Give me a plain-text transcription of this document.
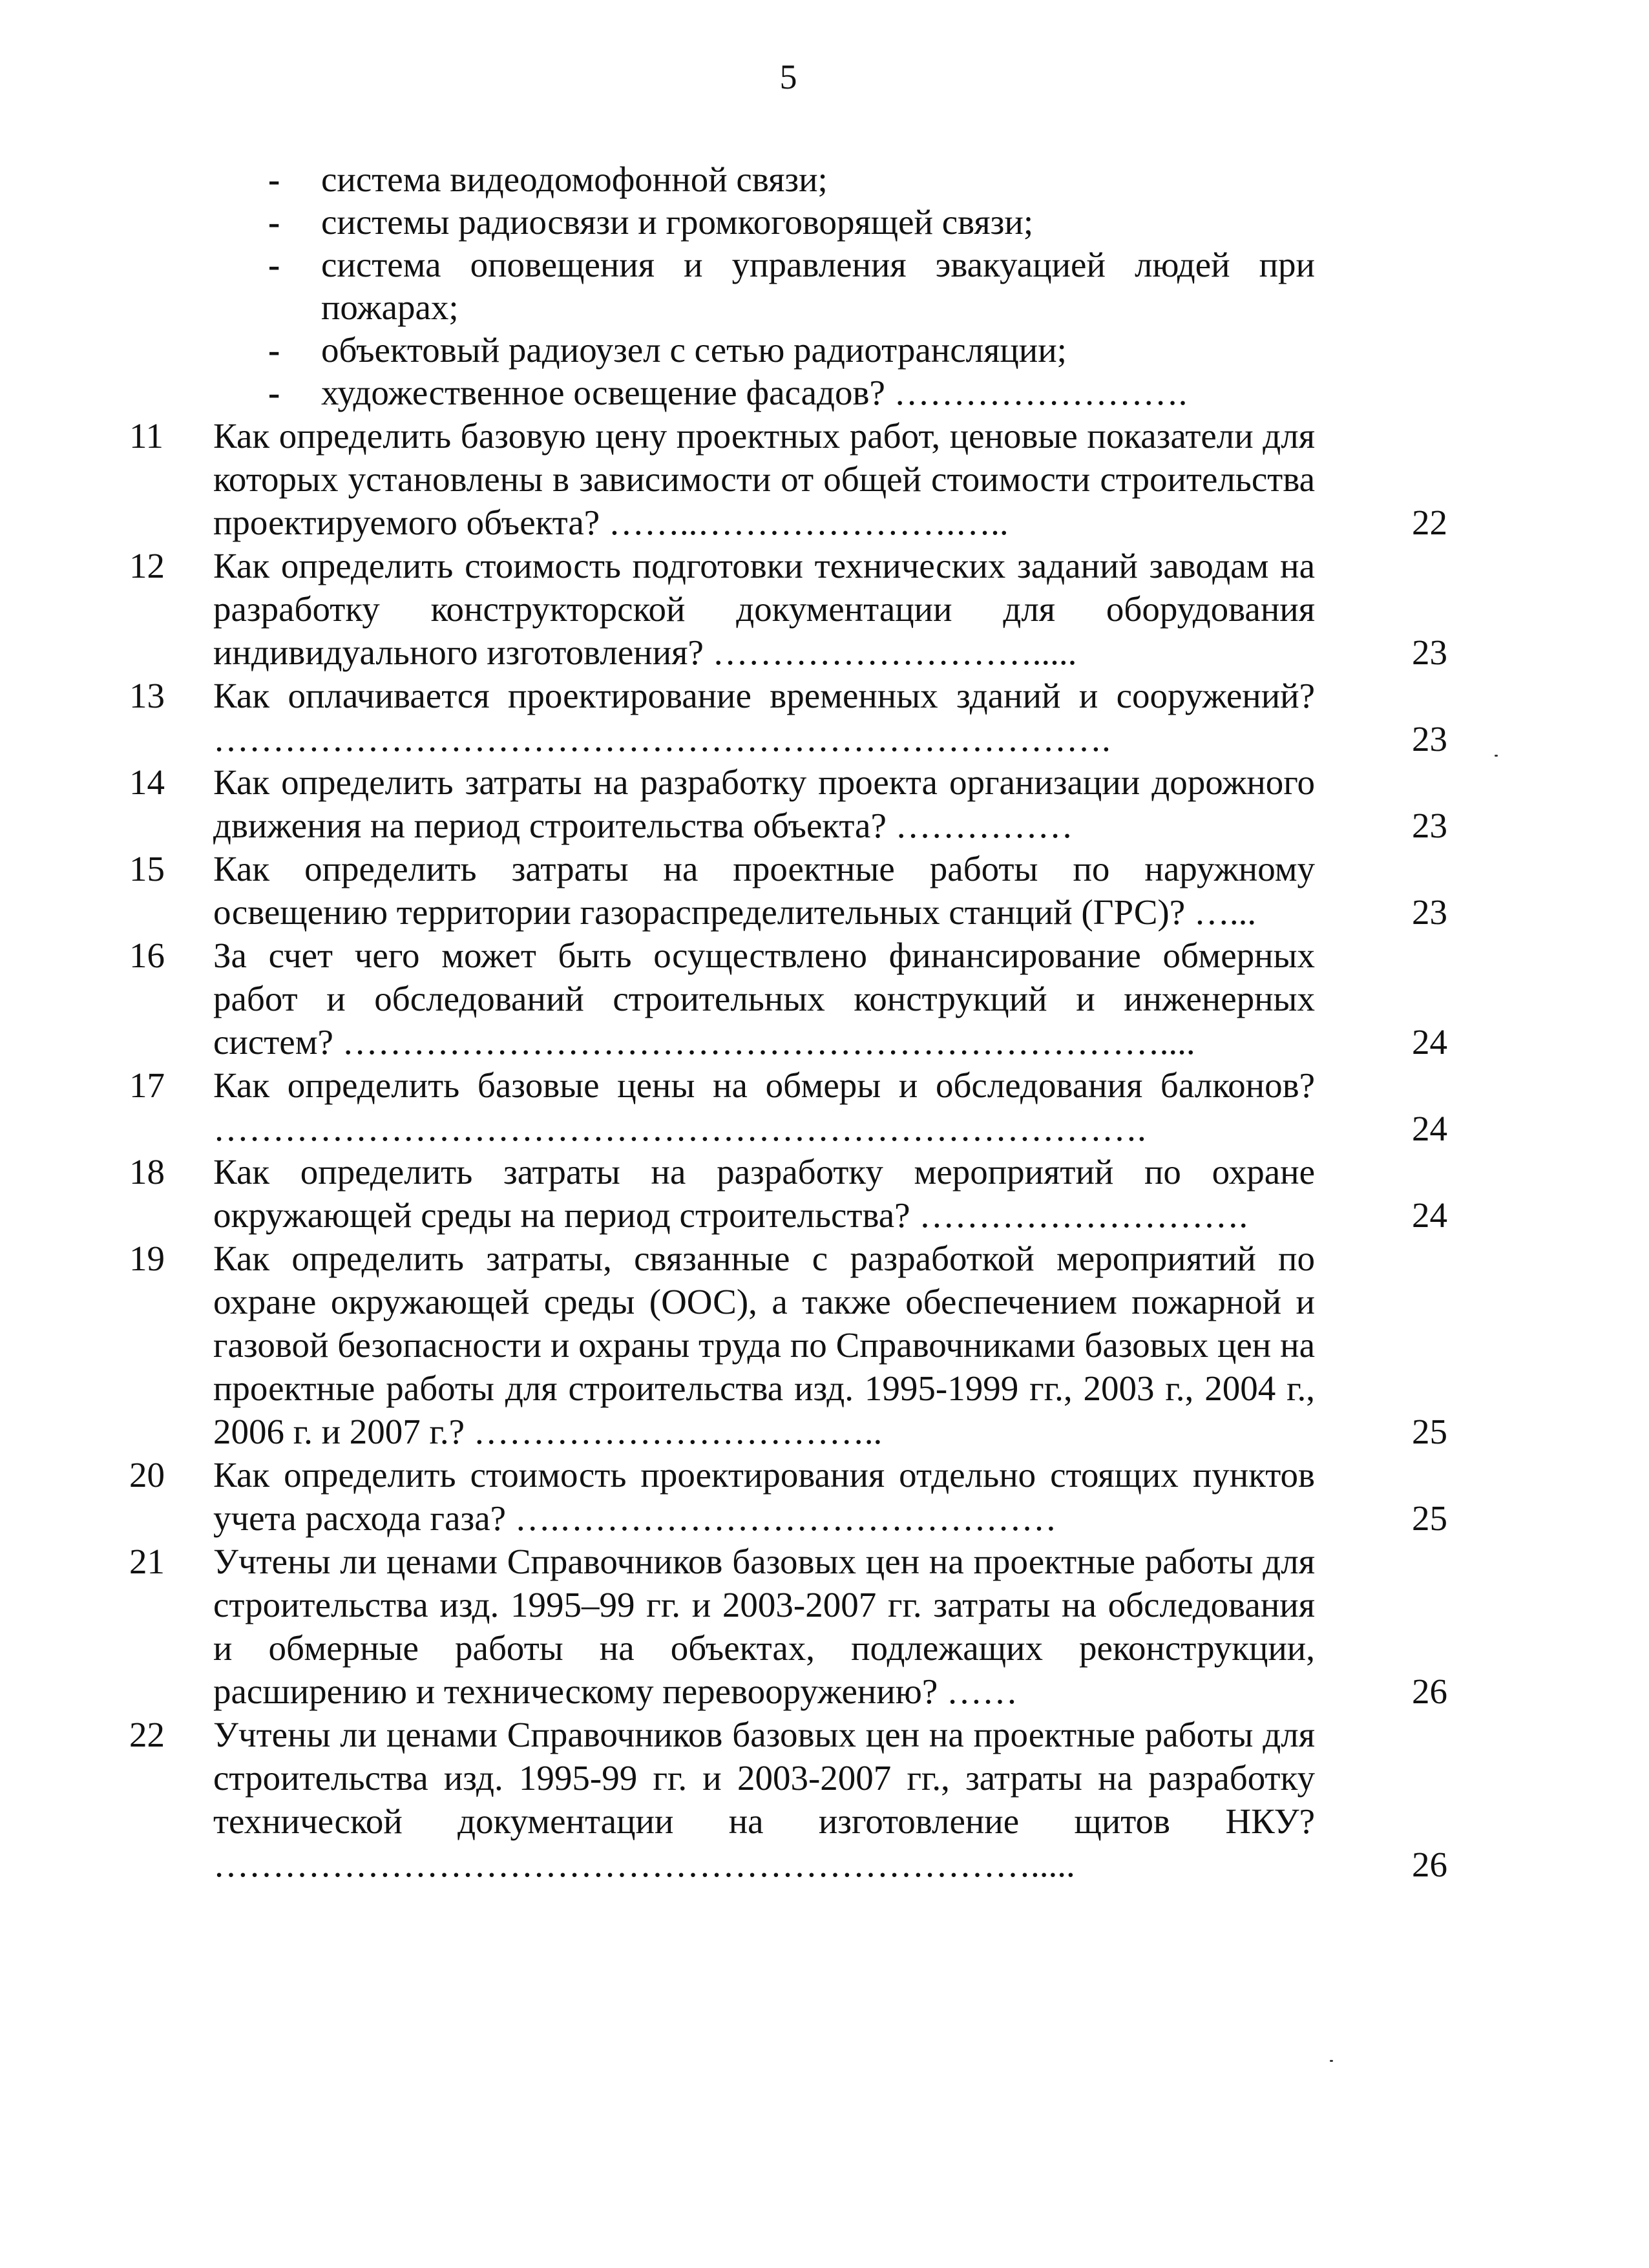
5
-	система видеодомофонной связи;
-	системы радиосвязи и громкоговорящей связи;
-	система оповещения и управления эвакуацией людей при пожарах;
-	объектовый радиоузел с сетью радиотрансляции;
-	художественное освещение фасадов? …………………….
11	Как определить базовую цену проектных работ, ценовые показатели для которых установлены в зависимости от общей стоимости строительства проектируемого объекта? ……..………………….…..	22
12	Как определить стоимость подготовки технических заданий заводам на разработку конструкторской документации для оборудования индивидуального изготовления? ……………………….....	23
13	Как оплачивается проектирование временных зданий и сооружений? ………………………………………………………………….	23
14	Как определить затраты на разработку проекта организации дорожного движения на период строительства объекта? ……………	23
15	Как определить затраты на проектные работы по наружному освещению территории газораспределительных станций (ГРС)? …...	23
16	За счет чего может быть осуществлено финансирование обмерных работ и обследований строительных конструкций и инженерных систем? ……………………………………………………………....	24
17	Как определить базовые цены на обмеры и обследования балконов? …………………………………………………………………….	24
18	Как определить затраты на разработку мероприятий по охране окружающей среды на период строительства? ……………………….	24
19	Как определить затраты, связанные с разработкой мероприятий по охране окружающей среды (ООС), а также обеспечением пожарной и газовой безопасности и охраны труда по Справочниками базовых цен на проектные работы для строительства изд. 1995-1999 гг., 2003 г., 2004 г., 2006 г. и 2007 г.? ……………………………..	25
20	Как определить стоимость проектирования отдельно стоящих пунктов учета расхода газа? ….……………………………………	25
21	Учтены ли ценами Справочников базовых цен на проектные работы для строительства изд. 1995–99 гг. и 2003-2007 гг. затраты на обследования и обмерные работы на объектах, подлежащих реконструкции, расширению и техническому перевооружению? ……	26
22	Учтены ли ценами Справочников базовых цен на проектные работы для строительства изд. 1995-99 гг. и 2003-2007 гг., затраты на разработку технической документации на изготовление щитов НКУ? …………………………………………………………….....	26
